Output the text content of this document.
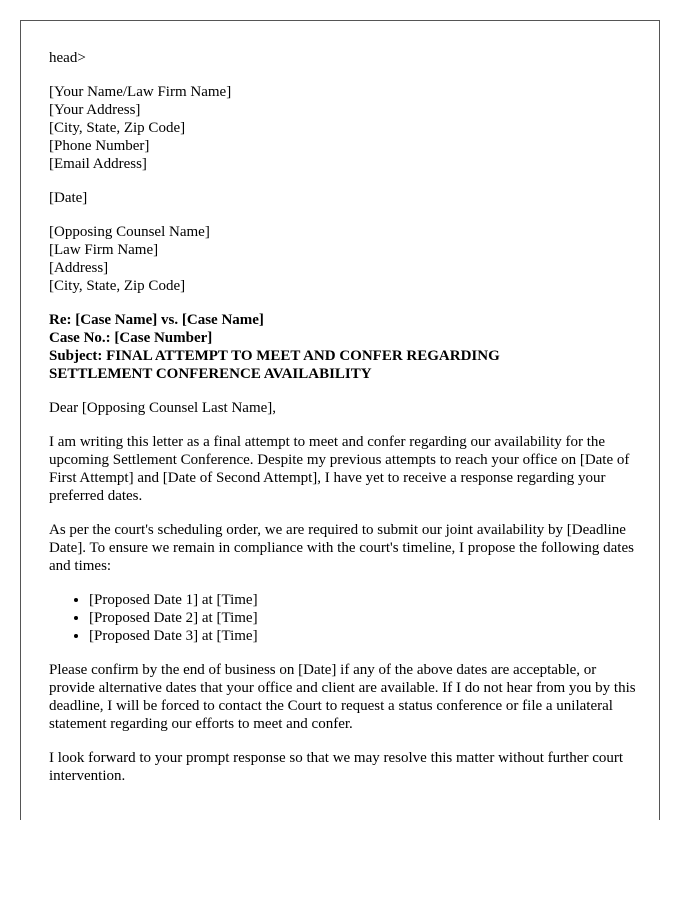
head>
[Your Name/Law Firm Name]
[Your Address]
[City, State, Zip Code]
[Phone Number]
[Email Address]
[Date]
[Opposing Counsel Name]
[Law Firm Name]
[Address]
[City, State, Zip Code]
Re: [Case Name] vs. [Case Name]
Case No.: [Case Number]
Subject: FINAL ATTEMPT TO MEET AND CONFER REGARDING
SETTLEMENT CONFERENCE AVAILABILITY

Dear [Opposing Counsel Last Name],

I am writing this letter as a final attempt to meet and confer regarding our availability for the upcoming Settlement Conference. Despite my previous attempts to reach your office on [Date of First Attempt] and [Date of Second Attempt], I have yet to receive a response regarding your preferred dates.

As per the court's scheduling order, we are required to submit our joint availability by [Deadline Date]. To ensure we remain in compliance with the court's timeline, I propose the following dates and times:

• [Proposed Date 1] at [Time]
• [Proposed Date 2] at [Time]
• [Proposed Date 3] at [Time]

Please confirm by the end of business on [Date] if any of the above dates are acceptable, or provide alternative dates that your office and client are available. If I do not hear from you by this deadline, I will be forced to contact the Court to request a status conference or file a unilateral statement regarding our efforts to meet and confer.

I look forward to your prompt response so that we may resolve this matter without further court intervention.
